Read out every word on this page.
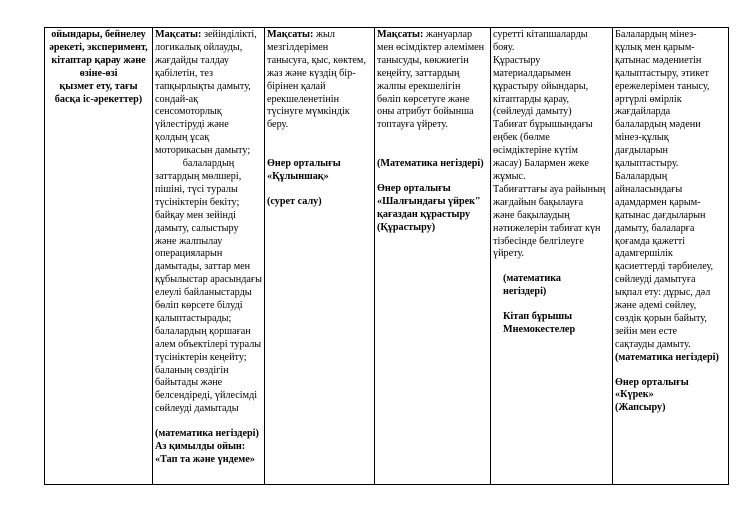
ойындары, бейнелеу
әрекеті, эксперимент,
кітаптар қарау және
өзіне-өзі
қызмет ету, тағы
басқа іс-әрекеттер)

Мақсаты: зейінділікті,
логикалық ойлауды,
жағдайды талдау
қабілетін, тез
тапқырлықты дамыту,
сондай-ақ
сенсомоторлық
үйлестіруді және
қолдың ұсақ
моторикасын дамыту;
балалардың
заттардың мөлшері,
пішіні, түсі туралы
түсініктерін бекіту;
байқау мен зейінді
дамыту, салыстыру
және жалпылау
операцияларын
дамытады, заттар мен
құбылыстар арасындағы
елеулі байланыстарды
бөліп көрсете білуді
қалыптастырады;
балалардың қоршаған
әлем объектілері туралы
түсініктерін кеңейту;
баланың сөздігін
байытады және
белсендіреді, үйлесімді
сөйлеуді дамытады
(математика негіздері)
Аз қимылды ойын:
«Тап та және үндеме»

Мақсаты: жыл
мезгілдерімен
танысуға, қыс, көктем,
жаз және күздің бір-
бірінен қалай
ерекшеленетінін
түсінуге мүмкіндік
беру.
Өнер орталығы
«Құлыншақ»
(сурет салу)

Мақсаты: жануарлар
мен өсімдіктер әлемімен
танысуды, көкжиегін
кеңейту, заттардың
жалпы ерекшелігін
бөліп көрсетуге және
оны атрибут бойынша
топтауға үйрету.
(Математика негіздері)
Өнер орталығы
«Шалғындағы үйрек"
қағаздан құрастыру
(Құрастыру)

суретті кітапшаларды
бояу.
Құрастыру
материалдарымен
құрастыру ойындары,
кітаптарды қарау,
(сөйлеуді дамыту)
Табиғат бұрышындағы
еңбек (бөлме
өсімдіктеріне күтім
жасау) Балармен жеке
жұмыс.
Табиғаттағы ауа райының
жағдайын бақылауға
және бақылаудың
нәтижелерін табиғат күн
тізбесінде белгілеуге
үйрету.
(математика
негіздері)
Кітап бұрышы
Мнемокестелер

Балалардың мінез-
құлық мен қарым-
қатынас мәдениетін
қалыптастыру, этикет
ережелерімен танысу,
әртүрлі өмірлік
жағдайларда
балалардың мәдени
мінез-құлық
дағдыларын
қалыптастыру.
Балалардың
айналасындағы
адамдармен қарым-
қатынас дағдыларын
дамыту, балаларға
қоғамда қажетті
адамгершілік
қасиеттерді тәрбиелеу,
сөйлеуді дамытуға
ықпал ету: дұрыс, дәл
және әдемі сөйлеу,
сөздік қорын байыту,
зейін мен есте
сақтауды дамыту.
(математика негіздері)
Өнер орталығы
«Күрек»
(Жапсыру)
